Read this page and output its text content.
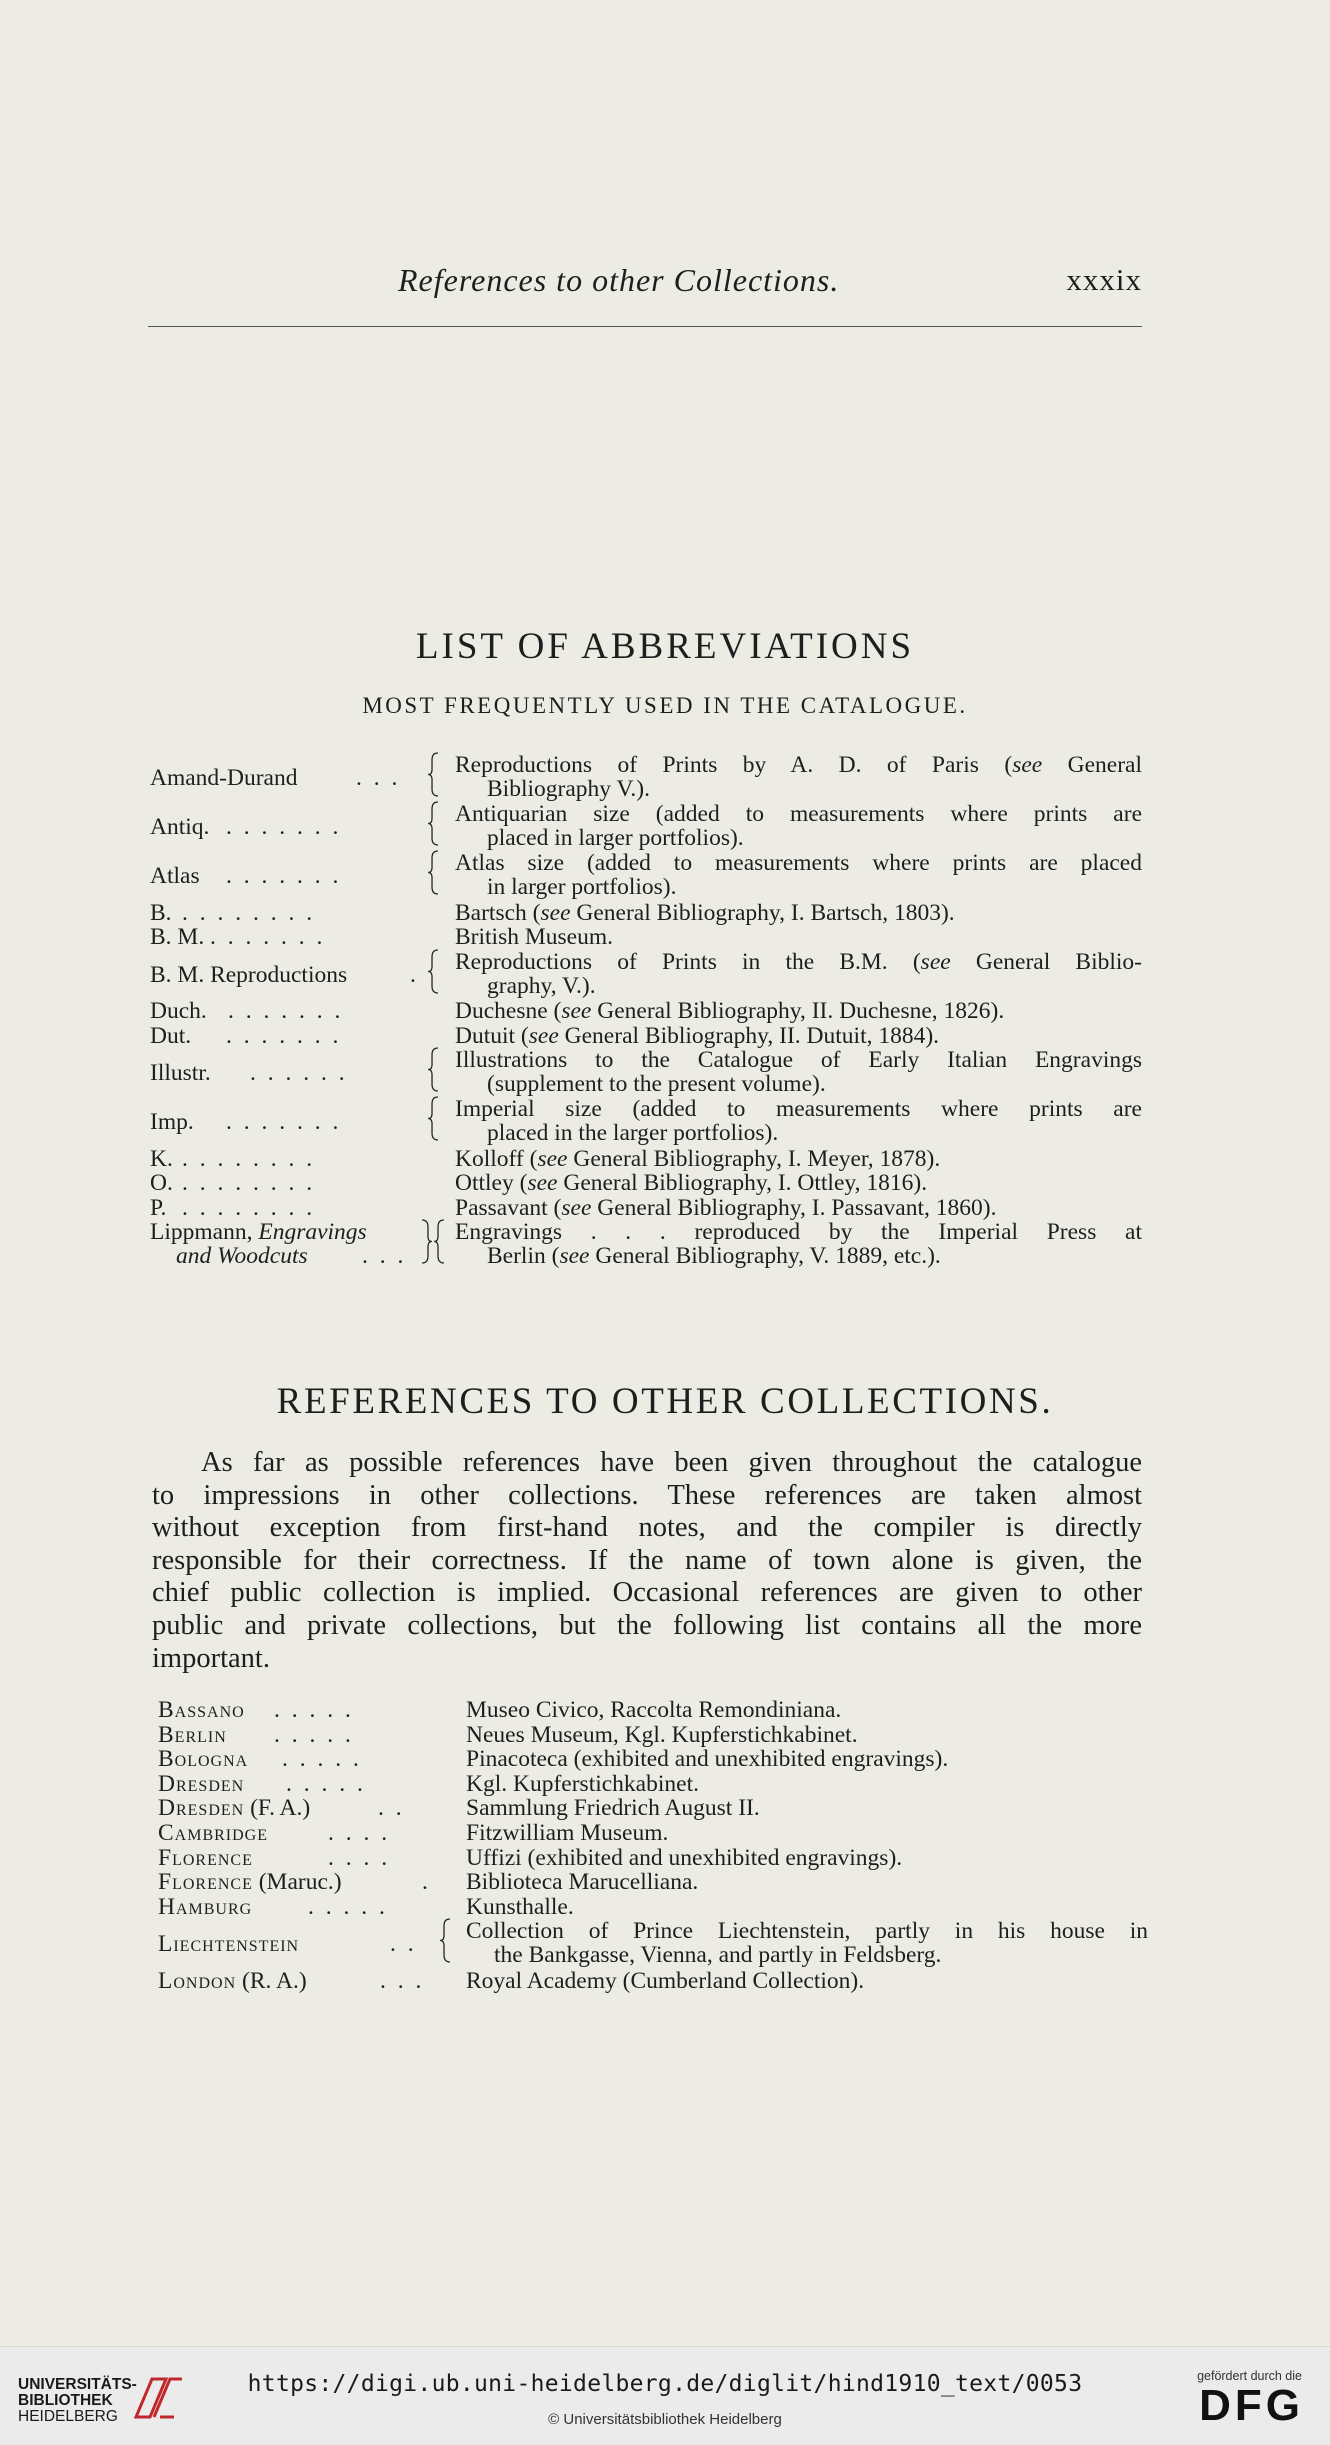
References to other Collections.	xxxix
LIST OF ABBREVIATIONS
MOST FREQUENTLY USED IN THE CATALOGUE.
Amand-Durand . . . Reproductions of Prints by A. D. of Paris (see General
Bibliography V.).
Antiq. . . . . . . .	Antiquarian size (added to measurements where prints are
placed in larger portfolios).
Atlas . . . . . . .	Atlas size (added to measurements where prints are placed
in larger portfolios).
B. . . . . . . . .	Bartsch (see General Bibliography, I. Bartsch, 1803).
B. M. . . . . . . .	British Museum.
B. M. Reproductions	. Reproductions of Prints in the B.M. (see General Biblio-
graphy, V.).
Duch. . . . . . . .	Duchesne (see General Bibliography, II. Duchesne, 1826).
Dut. . . . . . . .	Dutuit (see General Bibliography, II. Dutuit, 1884).
Illustr. . . . . . .	Illustrations to the Catalogue of Early Italian Engravings
(supplement to the present volume).
Imp. . . . . . . .	Imperial size (added to measurements where prints are
placed in the larger portfolios).
K. . . . . . . . .	Kolloff (see General Bibliography, I. Meyer, 1878).
O. . . . . . . . .	Ottley (see General Bibliography, I. Ottley, 1816).
P. . . . . . . . .	Passavant (see General Bibliography, I. Passavant, 1860).
Lippmann, Engravings
and Woodcuts . . .
Engravings . . . reproduced by the Imperial Press at
Berlin (see General Bibliography, V. 1889, etc.).
REFERENCES TO OTHER COLLECTIONS.
As far as possible references have been given throughout the catalogue
to impressions in other collections. These references are taken almost
without exception from first-hand notes, and the compiler is directly
responsible for their correctness. If the name of town alone is given, the
chief public collection is implied. Occasional references are given to other
public and private collections, but the following list contains all the more
important.
Bassano . . . . .	Museo Civico, Raccolta Remondiniana.
Berlin . . . . .	Neues Museum, Kgl. Kupferstichkabinet.
Bologna . . . . .	Pinacoteca (exhibited and unexhibited engravings).
Dresden . . . . .	Kgl. Kupferstichkabinet.
Dresden (F. A.)	. .	Sammlung Friedrich August II.
Cambridge	. . . .	Fitzwilliam Museum.
Florence	. . . .	Uffizi (exhibited and unexhibited engravings).
Florence (Maruc.)	. Biblioteca Marucelliana.
Hamburg . . . . .	Kunsthalle.
Liechtenstein	. . Collection of Prince Liechtenstein, partly in his house in
the Bankgasse, Vienna, and partly in Feldsberg.
London (R. A.)	. . . Royal Academy (Cumberland Collection).
UNIVERSITÄTS-
BIBLIOTHEK
HEIDELBERG
https://digi.ub.uni-heidelberg.de/diglit/hind1910_text/0053
© Universitätsbibliothek Heidelberg
gefördert durch die
DFG
